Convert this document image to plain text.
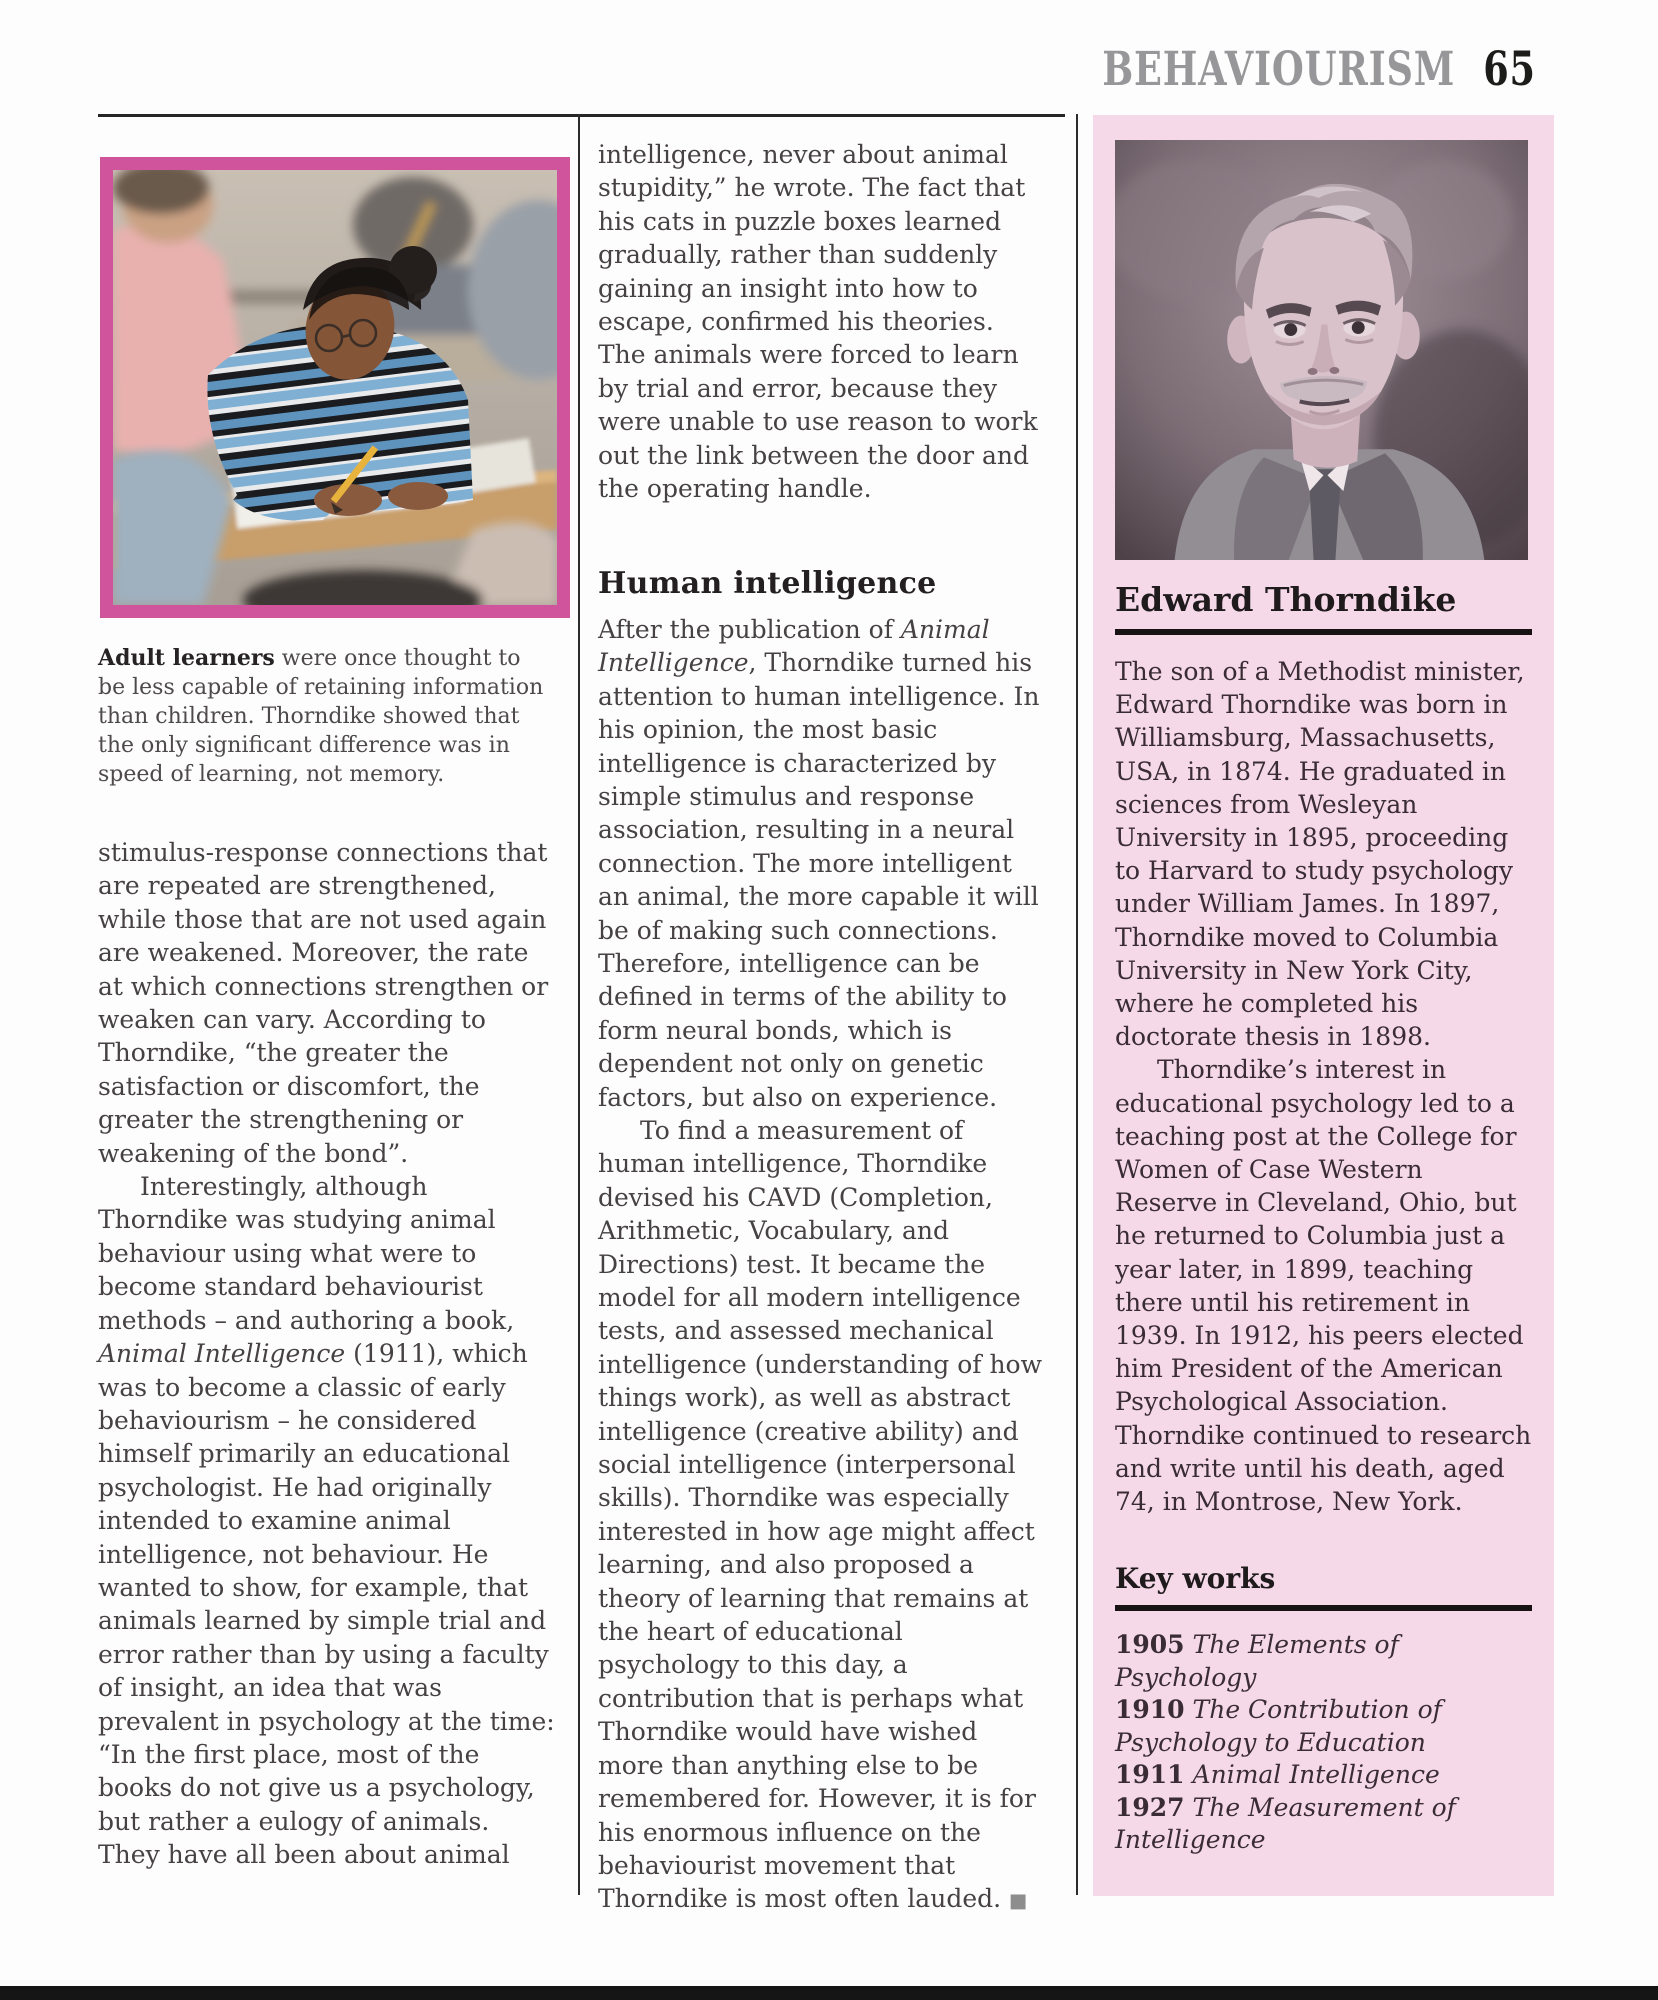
BEHAVIOURISM 65

Adult learners were once thought to be less capable of retaining information than children. Thorndike showed that the only significant difference was in speed of learning, not memory.

stimulus-response connections that are repeated are strengthened, while those that are not used again are weakened. Moreover, the rate at which connections strengthen or weaken can vary. According to Thorndike, “the greater the satisfaction or discomfort, the greater the strengthening or weakening of the bond”.

Interestingly, although Thorndike was studying animal behaviour using what were to become standard behaviourist methods – and authoring a book, Animal Intelligence (1911), which was to become a classic of early behaviourism – he considered himself primarily an educational psychologist. He had originally intended to examine animal intelligence, not behaviour. He wanted to show, for example, that animals learned by simple trial and error rather than by using a faculty of insight, an idea that was prevalent in psychology at the time: “In the first place, most of the books do not give us a psychology, but rather a eulogy of animals. They have all been about animal

intelligence, never about animal stupidity,” he wrote. The fact that his cats in puzzle boxes learned gradually, rather than suddenly gaining an insight into how to escape, confirmed his theories. The animals were forced to learn by trial and error, because they were unable to use reason to work out the link between the door and the operating handle.

Human intelligence

After the publication of Animal Intelligence, Thorndike turned his attention to human intelligence. In his opinion, the most basic intelligence is characterized by simple stimulus and response association, resulting in a neural connection. The more intelligent an animal, the more capable it will be of making such connections. Therefore, intelligence can be defined in terms of the ability to form neural bonds, which is dependent not only on genetic factors, but also on experience.

To find a measurement of human intelligence, Thorndike devised his CAVD (Completion, Arithmetic, Vocabulary, and Directions) test. It became the model for all modern intelligence tests, and assessed mechanical intelligence (understanding of how things work), as well as abstract intelligence (creative ability) and social intelligence (interpersonal skills). Thorndike was especially interested in how age might affect learning, and also proposed a theory of learning that remains at the heart of educational psychology to this day, a contribution that is perhaps what Thorndike would have wished more than anything else to be remembered for. However, it is for his enormous influence on the behaviourist movement that Thorndike is most often lauded. ■

Edward Thorndike

The son of a Methodist minister, Edward Thorndike was born in Williamsburg, Massachusetts, USA, in 1874. He graduated in sciences from Wesleyan University in 1895, proceeding to Harvard to study psychology under William James. In 1897, Thorndike moved to Columbia University in New York City, where he completed his doctorate thesis in 1898.

Thorndike’s interest in educational psychology led to a teaching post at the College for Women of Case Western Reserve in Cleveland, Ohio, but he returned to Columbia just a year later, in 1899, teaching there until his retirement in 1939. In 1912, his peers elected him President of the American Psychological Association. Thorndike continued to research and write until his death, aged 74, in Montrose, New York.

Key works

1905 The Elements of Psychology

1910 The Contribution of Psychology to Education

1911 Animal Intelligence

1927 The Measurement of Intelligence
